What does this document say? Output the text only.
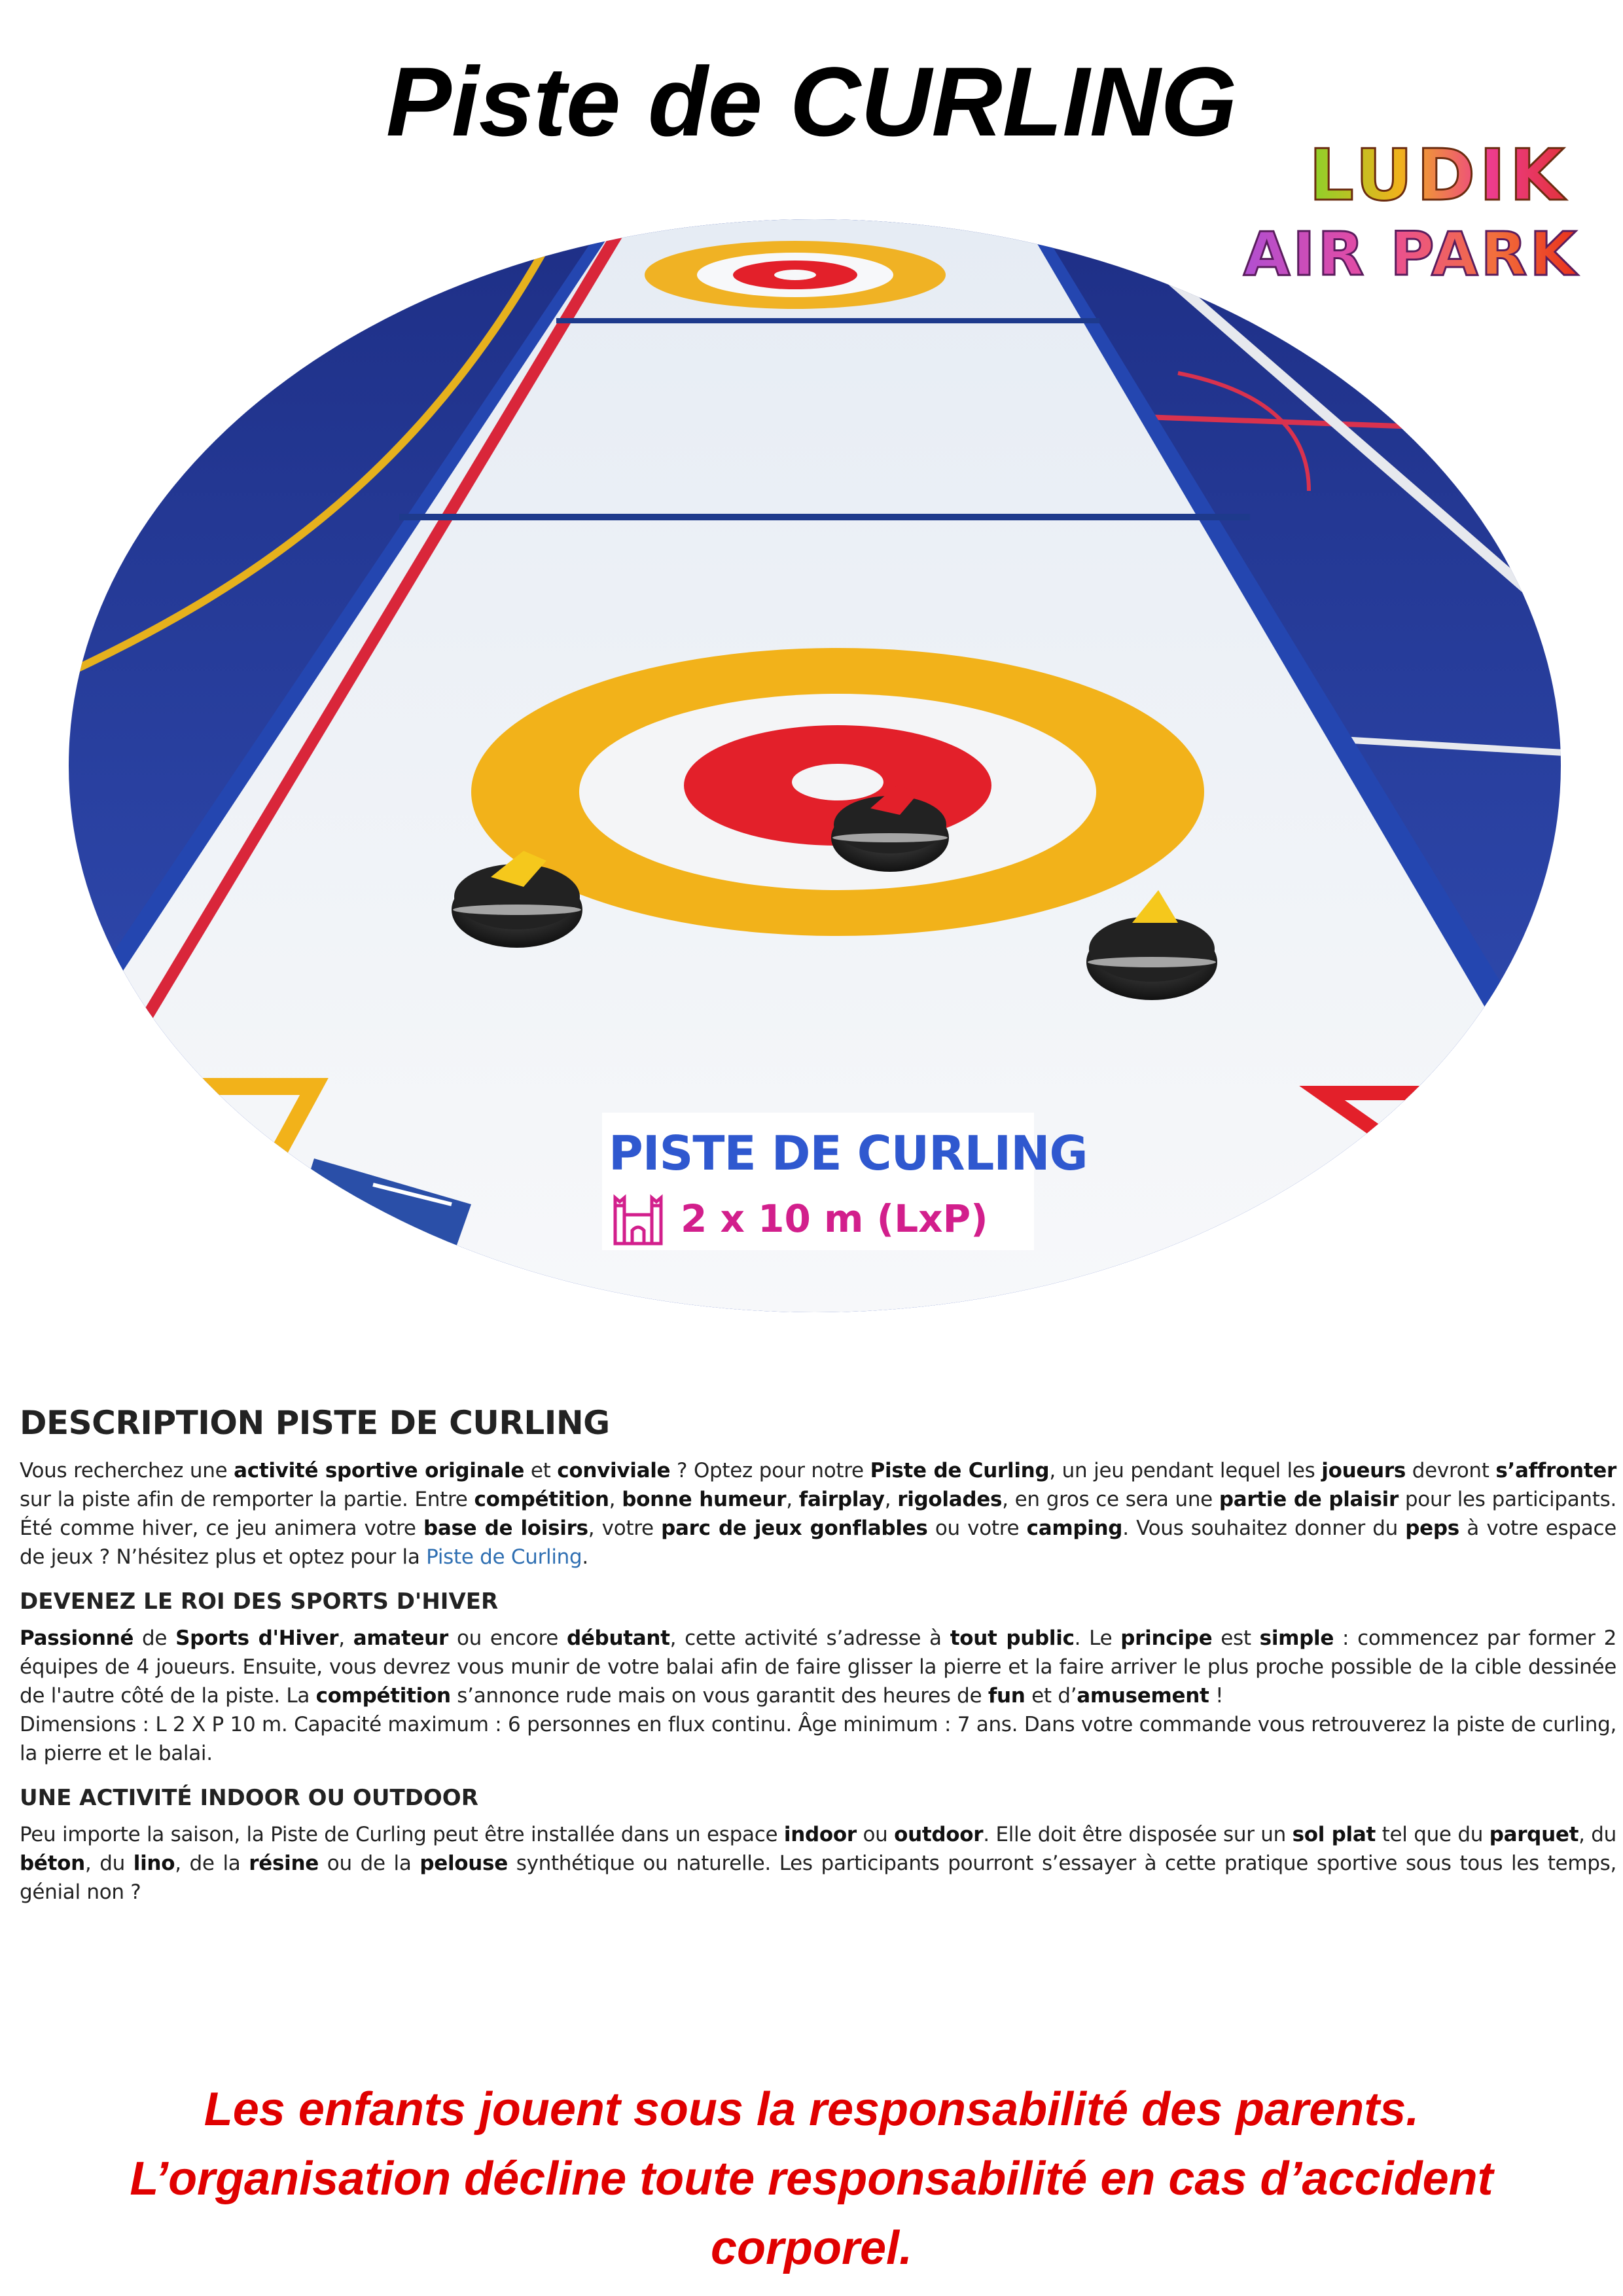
Piste de CURLING
LUDIK
AIR PARK
PISTE DE CURLING
2 x 10 m (LxP)
DESCRIPTION PISTE DE CURLING

Vous recherchez une activité sportive originale et conviviale ? Optez pour notre Piste de Curling, un jeu pendant lequel les joueurs devront s’affronter sur la piste afin de remporter la partie. Entre compétition, bonne humeur, fairplay, rigolades, en gros ce sera une partie de plaisir pour les participants. Été comme hiver, ce jeu animera votre base de loisirs, votre parc de jeux gonflables ou votre camping. Vous souhaitez donner du peps à votre espace de jeux ? N’hésitez plus et optez pour la Piste de Curling.

DEVENEZ LE ROI DES SPORTS D'HIVER

Passionné de Sports d'Hiver, amateur ou encore débutant, cette activité s’adresse à tout public. Le principe est simple : commencez par former 2 équipes de 4 joueurs. Ensuite, vous devrez vous munir de votre balai afin de faire glisser la pierre et la faire arriver le plus proche possible de la cible dessinée de l'autre côté de la piste. La compétition s’annonce rude mais on vous garantit des heures de fun et d’amusement !

Dimensions : L 2 X P 10 m. Capacité maximum : 6 personnes en flux continu. Âge minimum : 7 ans. Dans votre commande vous retrouverez la piste de curling, la pierre et le balai.

UNE ACTIVITÉ INDOOR OU OUTDOOR

Peu importe la saison, la Piste de Curling peut être installée dans un espace indoor ou outdoor. Elle doit être disposée sur un sol plat tel que du parquet, du béton, du lino, de la résine ou de la pelouse synthétique ou naturelle. Les participants pourront s’essayer à cette pratique sportive sous tous les temps, génial non ?

Les enfants jouent sous la responsabilité des parents.
L’organisation décline toute responsabilité en cas d’accident
corporel.
